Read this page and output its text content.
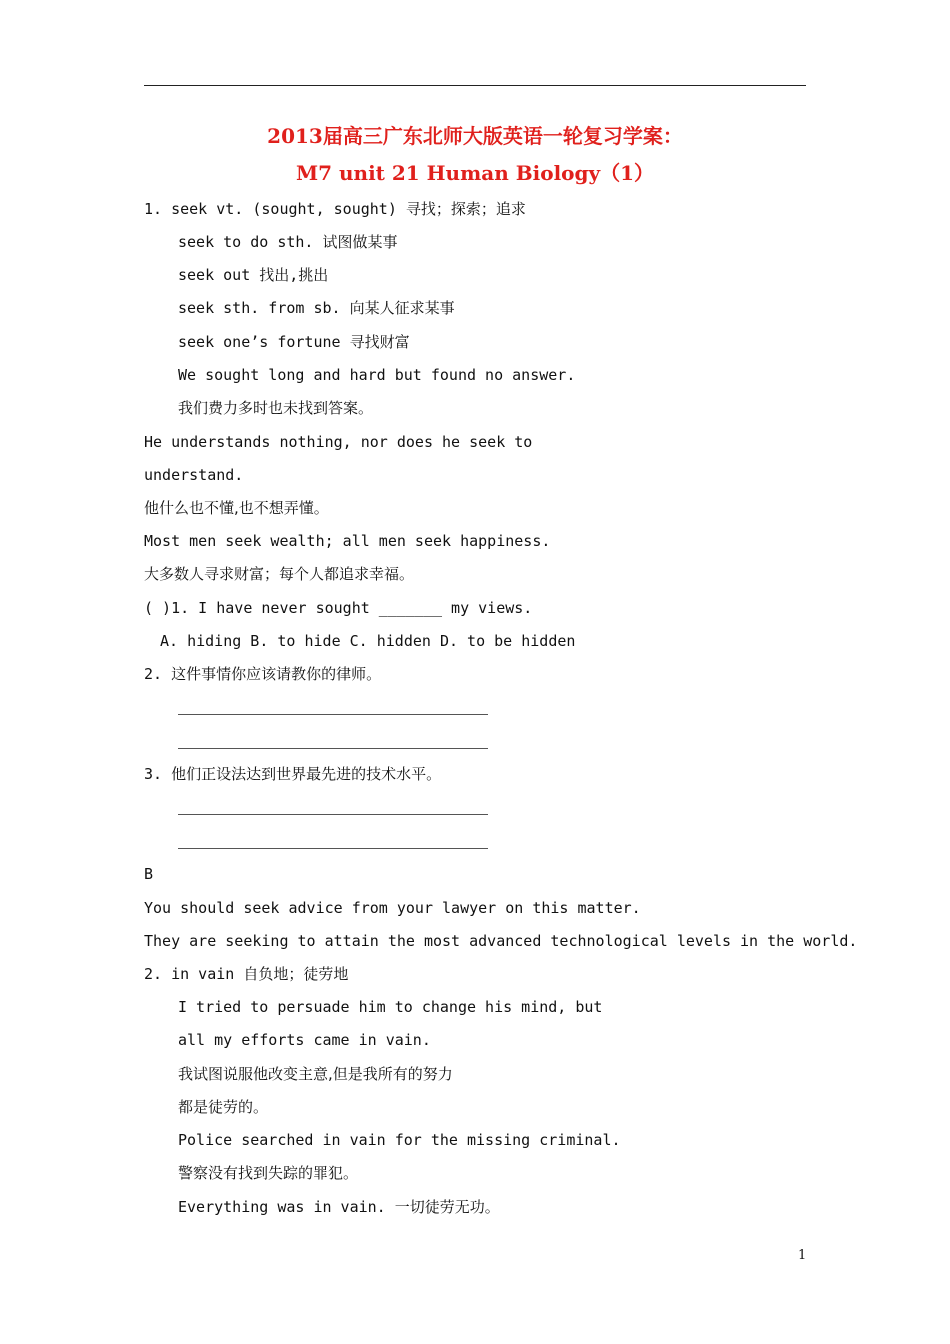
2013届高三广东北师大版英语一轮复习学案：
M7 unit 21 Human Biology（1）
1. seek vt. (sought, sought) 寻找；探索；追求
seek to do sth. 试图做某事
seek out 找出,挑出
seek sth. from sb. 向某人征求某事
seek one’s fortune 寻找财富
We sought long and hard but found no answer.
我们费力多时也未找到答案。
He understands nothing, nor does he seek to
understand.
他什么也不懂,也不想弄懂。
Most men seek wealth; all men seek happiness.
大多数人寻求财富；每个人都追求幸福。
( )1. I have never sought _______ my views.
A. hiding B. to hide C. hidden D. to be hidden
2. 这件事情你应该请教你的律师。
3. 他们正设法达到世界最先进的技术水平。
B
You should seek advice from your lawyer on this matter.
They are seeking to attain the most advanced technological levels in the world.
2. in vain 自负地；徒劳地
I tried to persuade him to change his mind, but
all my efforts came in vain.
我试图说服他改变主意,但是我所有的努力
都是徒劳的。
Police searched in vain for the missing criminal.
警察没有找到失踪的罪犯。
Everything was in vain. 一切徒劳无功。
1
